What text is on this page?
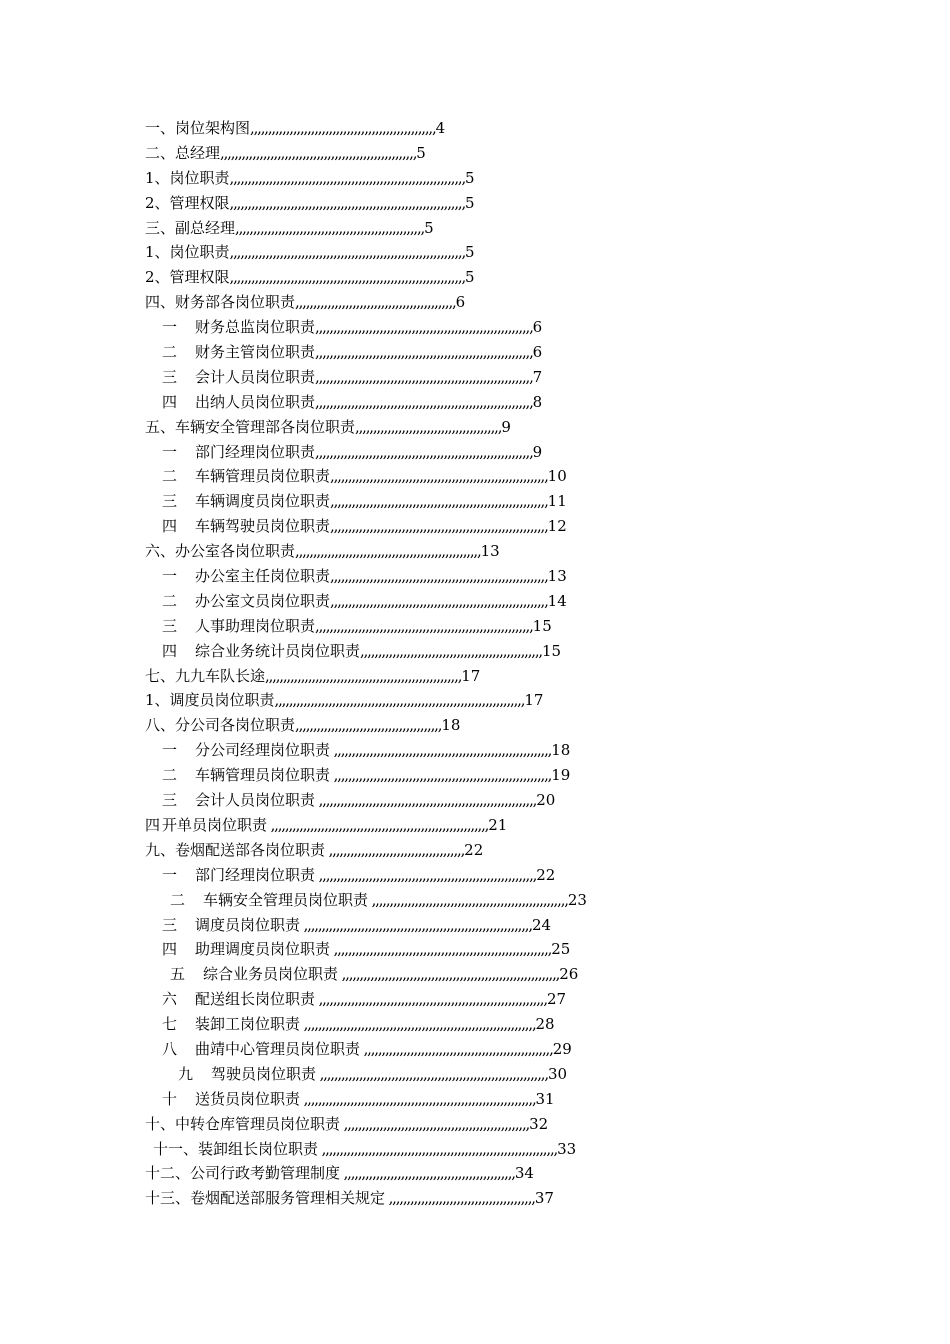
一、岗位架构图,,,,,,,,,,,,,,,,,,,,,,,,,,,,,,,,,,,,,,,,,,,,,,,,,,,,4
二、总经理,,,,,,,,,,,,,,,,,,,,,,,,,,,,,,,,,,,,,,,,,,,,,,,,,,,,,,,5
1、岗位职责,,,,,,,,,,,,,,,,,,,,,,,,,,,,,,,,,,,,,,,,,,,,,,,,,,,,,,,,,,,,,,,,,,5
2、管理权限,,,,,,,,,,,,,,,,,,,,,,,,,,,,,,,,,,,,,,,,,,,,,,,,,,,,,,,,,,,,,,,,,,5
三、副总经理,,,,,,,,,,,,,,,,,,,,,,,,,,,,,,,,,,,,,,,,,,,,,,,,,,,,,5
1、岗位职责,,,,,,,,,,,,,,,,,,,,,,,,,,,,,,,,,,,,,,,,,,,,,,,,,,,,,,,,,,,,,,,,,,5
2、管理权限,,,,,,,,,,,,,,,,,,,,,,,,,,,,,,,,,,,,,,,,,,,,,,,,,,,,,,,,,,,,,,,,,,5
四、财务部各岗位职责,,,,,,,,,,,,,,,,,,,,,,,,,,,,,,,,,,,,,,,,,,,,,6
一 财务总监岗位职责,,,,,,,,,,,,,,,,,,,,,,,,,,,,,,,,,,,,,,,,,,,,,,,,,,,,,,,,,,,,,6
二 财务主管岗位职责,,,,,,,,,,,,,,,,,,,,,,,,,,,,,,,,,,,,,,,,,,,,,,,,,,,,,,,,,,,,,6
三 会计人员岗位职责,,,,,,,,,,,,,,,,,,,,,,,,,,,,,,,,,,,,,,,,,,,,,,,,,,,,,,,,,,,,,7
四 出纳人员岗位职责,,,,,,,,,,,,,,,,,,,,,,,,,,,,,,,,,,,,,,,,,,,,,,,,,,,,,,,,,,,,,8
五、车辆安全管理部各岗位职责,,,,,,,,,,,,,,,,,,,,,,,,,,,,,,,,,,,,,,,,,9
一 部门经理岗位职责,,,,,,,,,,,,,,,,,,,,,,,,,,,,,,,,,,,,,,,,,,,,,,,,,,,,,,,,,,,,,9
二 车辆管理员岗位职责,,,,,,,,,,,,,,,,,,,,,,,,,,,,,,,,,,,,,,,,,,,,,,,,,,,,,,,,,,,,,10
三 车辆调度员岗位职责,,,,,,,,,,,,,,,,,,,,,,,,,,,,,,,,,,,,,,,,,,,,,,,,,,,,,,,,,,,,,11
四 车辆驾驶员岗位职责,,,,,,,,,,,,,,,,,,,,,,,,,,,,,,,,,,,,,,,,,,,,,,,,,,,,,,,,,,,,,12
六、办公室各岗位职责,,,,,,,,,,,,,,,,,,,,,,,,,,,,,,,,,,,,,,,,,,,,,,,,,,,,13
一 办公室主任岗位职责,,,,,,,,,,,,,,,,,,,,,,,,,,,,,,,,,,,,,,,,,,,,,,,,,,,,,,,,,,,,,13
二 办公室文员岗位职责,,,,,,,,,,,,,,,,,,,,,,,,,,,,,,,,,,,,,,,,,,,,,,,,,,,,,,,,,,,,,14
三 人事助理岗位职责,,,,,,,,,,,,,,,,,,,,,,,,,,,,,,,,,,,,,,,,,,,,,,,,,,,,,,,,,,,,,15
四 综合业务统计员岗位职责,,,,,,,,,,,,,,,,,,,,,,,,,,,,,,,,,,,,,,,,,,,,,,,,,,,15
七、九九车队长途,,,,,,,,,,,,,,,,,,,,,,,,,,,,,,,,,,,,,,,,,,,,,,,,,,,,,,,17
1、调度员岗位职责,,,,,,,,,,,,,,,,,,,,,,,,,,,,,,,,,,,,,,,,,,,,,,,,,,,,,,,,,,,,,,,,,,,,,,17
八、分公司各岗位职责,,,,,,,,,,,,,,,,,,,,,,,,,,,,,,,,,,,,,,,,,18
一 分公司经理岗位职责 ,,,,,,,,,,,,,,,,,,,,,,,,,,,,,,,,,,,,,,,,,,,,,,,,,,,,,,,,,,,,,18
二 车辆管理员岗位职责 ,,,,,,,,,,,,,,,,,,,,,,,,,,,,,,,,,,,,,,,,,,,,,,,,,,,,,,,,,,,,,19
三 会计人员岗位职责 ,,,,,,,,,,,,,,,,,,,,,,,,,,,,,,,,,,,,,,,,,,,,,,,,,,,,,,,,,,,,,20
四 开单员岗位职责 ,,,,,,,,,,,,,,,,,,,,,,,,,,,,,,,,,,,,,,,,,,,,,,,,,,,,,,,,,,,,,21
九、卷烟配送部各岗位职责 ,,,,,,,,,,,,,,,,,,,,,,,,,,,,,,,,,,,,,,22
一 部门经理岗位职责 ,,,,,,,,,,,,,,,,,,,,,,,,,,,,,,,,,,,,,,,,,,,,,,,,,,,,,,,,,,,,,22
二 车辆安全管理员岗位职责 ,,,,,,,,,,,,,,,,,,,,,,,,,,,,,,,,,,,,,,,,,,,,,,,,,,,,,,,23
三 调度员岗位职责 ,,,,,,,,,,,,,,,,,,,,,,,,,,,,,,,,,,,,,,,,,,,,,,,,,,,,,,,,,,,,,,,,24
四 助理调度员岗位职责 ,,,,,,,,,,,,,,,,,,,,,,,,,,,,,,,,,,,,,,,,,,,,,,,,,,,,,,,,,,,,,25
五 综合业务员岗位职责 ,,,,,,,,,,,,,,,,,,,,,,,,,,,,,,,,,,,,,,,,,,,,,,,,,,,,,,,,,,,,,26
六 配送组长岗位职责 ,,,,,,,,,,,,,,,,,,,,,,,,,,,,,,,,,,,,,,,,,,,,,,,,,,,,,,,,,,,,,,,,27
七 装卸工岗位职责 ,,,,,,,,,,,,,,,,,,,,,,,,,,,,,,,,,,,,,,,,,,,,,,,,,,,,,,,,,,,,,,,,,28
八 曲靖中心管理员岗位职责 ,,,,,,,,,,,,,,,,,,,,,,,,,,,,,,,,,,,,,,,,,,,,,,,,,,,,,29
九 驾驶员岗位职责 ,,,,,,,,,,,,,,,,,,,,,,,,,,,,,,,,,,,,,,,,,,,,,,,,,,,,,,,,,,,,,,,,30
十 送货员岗位职责 ,,,,,,,,,,,,,,,,,,,,,,,,,,,,,,,,,,,,,,,,,,,,,,,,,,,,,,,,,,,,,,,,,31
十、中转仓库管理员岗位职责 ,,,,,,,,,,,,,,,,,,,,,,,,,,,,,,,,,,,,,,,,,,,,,,,,,,,,32
十一、装卸组长岗位职责 ,,,,,,,,,,,,,,,,,,,,,,,,,,,,,,,,,,,,,,,,,,,,,,,,,,,,,,,,,,,,,,,,,,33
十二、公司行政考勤管理制度 ,,,,,,,,,,,,,,,,,,,,,,,,,,,,,,,,,,,,,,,,,,,,,,,,34
十三、卷烟配送部服务管理相关规定 ,,,,,,,,,,,,,,,,,,,,,,,,,,,,,,,,,,,,,,,,,37
